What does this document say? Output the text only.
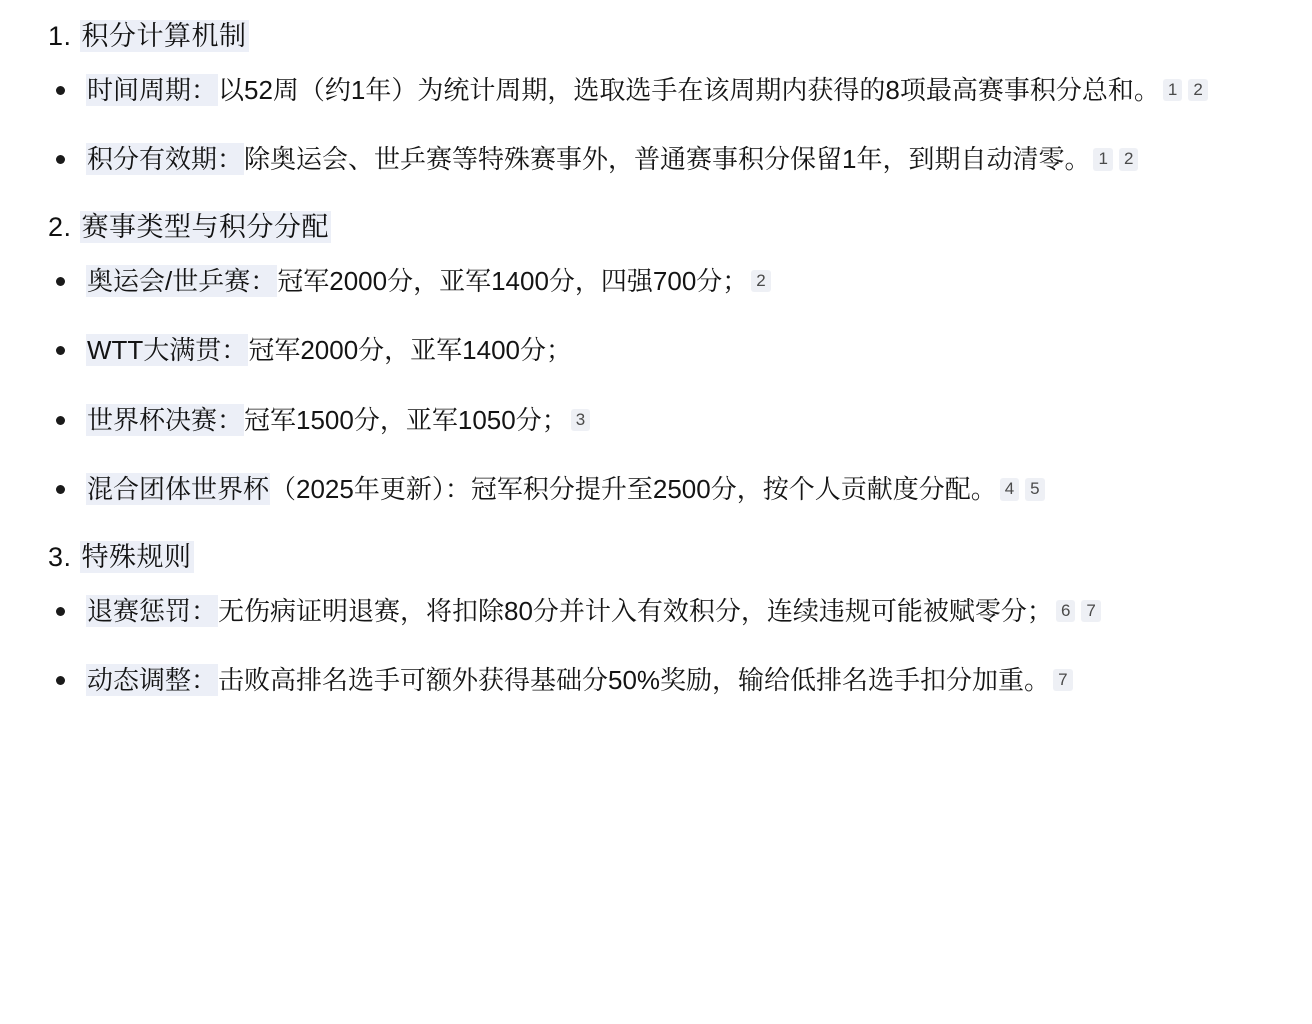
1. 积分计算机制
时间周期：以52周（约1年）为统计周期，选取选手在该周期内获得的8项最高赛事积分总和。 1 2
积分有效期：除奥运会、世乒赛等特殊赛事外，普通赛事积分保留1年，到期自动清零。 1 2
2. 赛事类型与积分分配
奥运会/世乒赛：冠军2000分，亚军1400分，四强700分； 2
WTT大满贯：冠军2000分，亚军1400分；
世界杯决赛：冠军1500分，亚军1050分； 3
混合团体世界杯（2025年更新）：冠军积分提升至2500分，按个人贡献度分配。 4 5
3. 特殊规则
退赛惩罚：无伤病证明退赛，将扣除80分并计入有效积分，连续违规可能被赋零分； 6 7
动态调整：击败高排名选手可额外获得基础分50%奖励，输给低排名选手扣分加重。 7
